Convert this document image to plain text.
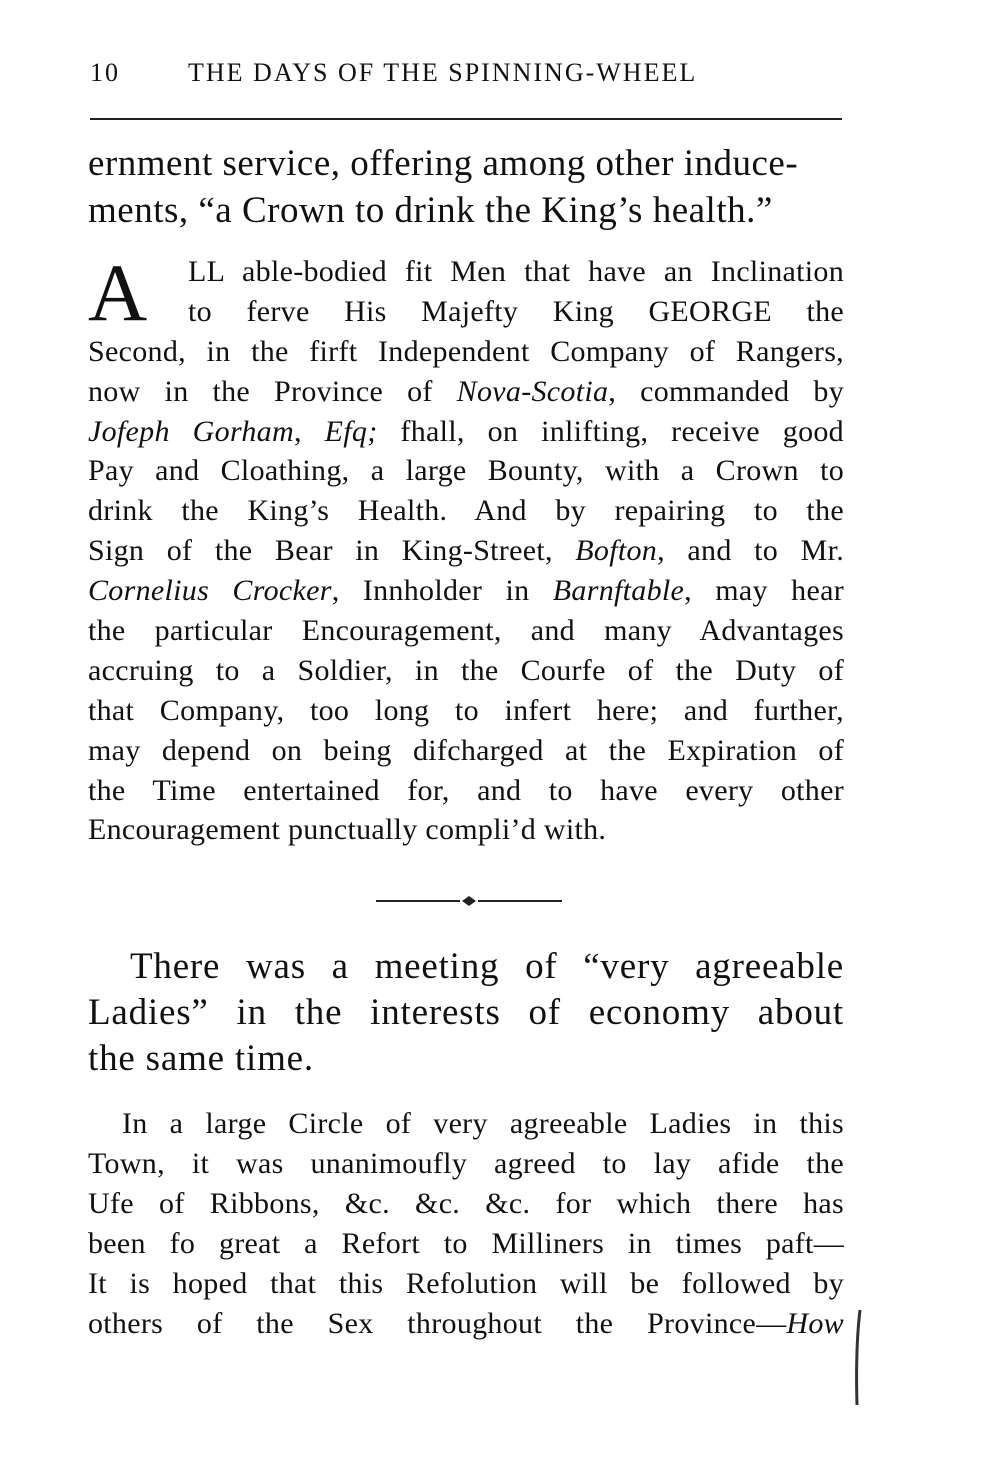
10	THE DAYS OF THE SPINNING-WHEEL
ernment service, offering among other induce-
ments, “a Crown to drink the King’s health.”
A	LL able-bodied fit Men that have an Inclination
to ferve His Majefty King GEORGE the
Second, in the firft Independent Company of Rangers,
now in the Province of Nova-Scotia, commanded by
Jofeph Gorham, Efq; fhall, on inlifting, receive good
Pay and Cloathing, a large Bounty, with a Crown to
drink the King’s Health. And by repairing to the
Sign of the Bear in King-Street, Bofton, and to Mr.
Cornelius Crocker, Innholder in Barnftable, may hear
the particular Encouragement, and many Advantages
accruing to a Soldier, in the Courfe of the Duty of
that Company, too long to infert here; and further,
may depend on being difcharged at the Expiration of
the Time entertained for, and to have every other
Encouragement punctually compli’d with.
There was a meeting of “very agreeable
Ladies” in the interests of economy about
the same time.
In a large Circle of very agreeable Ladies in this
Town, it was unanimoufly agreed to lay afide the
Ufe of Ribbons, &c. &c. &c. for which there has
been fo great a Refort to Milliners in times paft—
It is hoped that this Refolution will be followed by
others of the Sex throughout the Province—How
